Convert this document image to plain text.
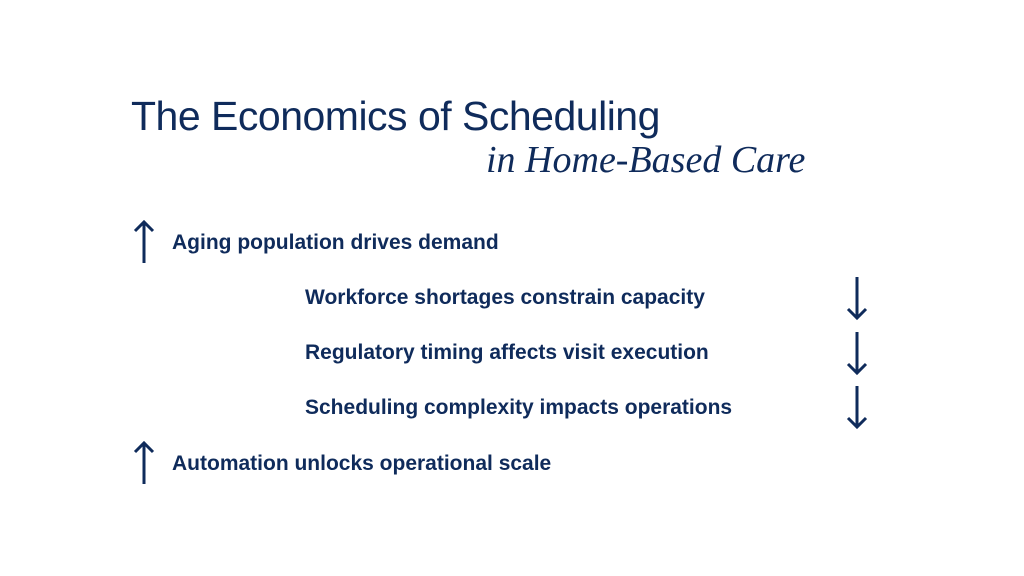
The Economics of Scheduling
in Home-Based Care
Aging population drives demand
Workforce shortages constrain capacity
Regulatory timing affects visit execution
Scheduling complexity impacts operations
Automation unlocks operational scale
